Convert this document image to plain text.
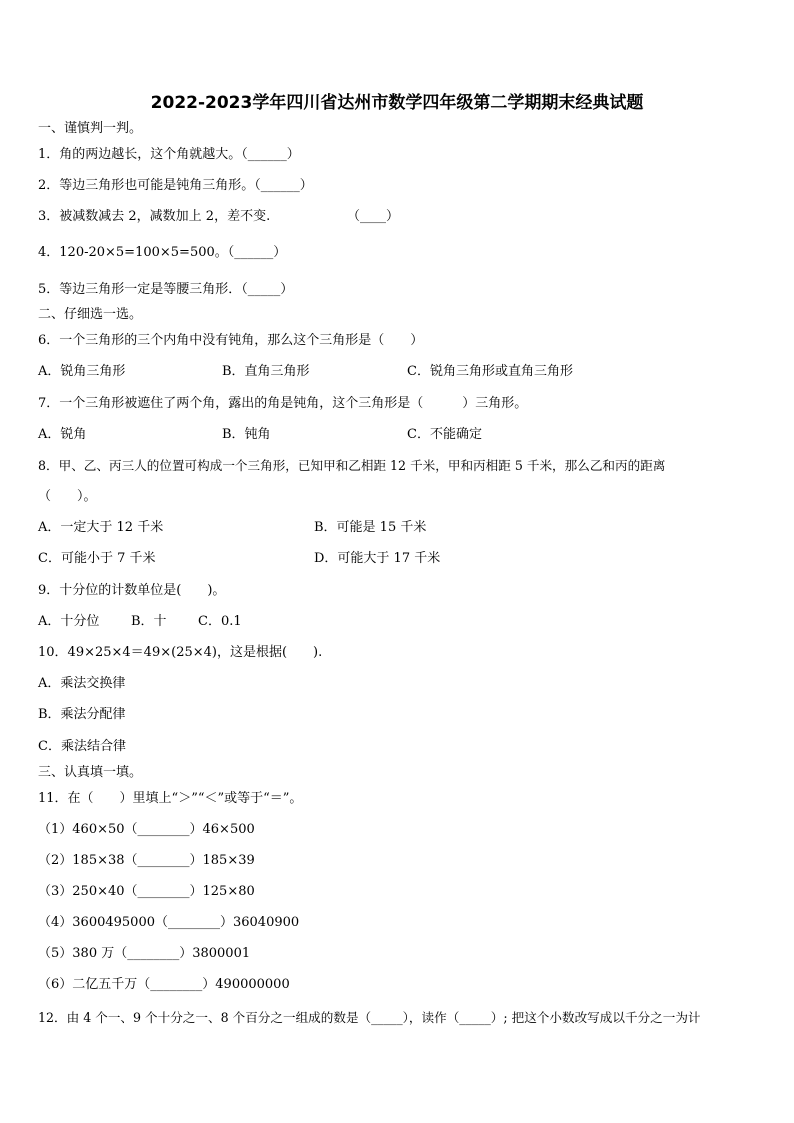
2022-2023学年四川省达州市数学四年级第二学期期末经典试题
一、谨慎判一判。
1．角的两边越长，这个角就越大。（______）
2．等边三角形也可能是钝角三角形。（______）
3．被减数减去 2，减数加上 2，差不变.	（____）
4．120-20×5=100×5=500。（______）
5．等边三角形一定是等腰三角形．（_____）
二、仔细选一选。
6．一个三角形的三个内角中没有钝角，那么这个三角形是（　　）
A．锐角三角形	B．直角三角形	C．锐角三角形或直角三角形
7．一个三角形被遮住了两个角，露出的角是钝角，这个三角形是（　　　）三角形。
A．锐角	B．钝角	C．不能确定
8．甲、乙、丙三人的位置可构成一个三角形，已知甲和乙相距 12 千米，甲和丙相距 5 千米，那么乙和丙的距离
（　　）。
A．一定大于 12 千米	B．可能是 15 千米
C．可能小于 7 千米	D．可能大于 17 千米
9．十分位的计数单位是(　　)。
A．十分位 B．十 C．0.1
10．49×25×4＝49×(25×4)，这是根据(　　).
A．乘法交换律
B．乘法分配律
C．乘法结合律
三、认真填一填。
11．在（　　）里填上“＞”“＜”或等于“＝”。
（1）460×50（________）46×500
（2）185×38（________）185×39
（3）250×40（________）125×80
（4）3600495000（________）36040900
（5）380 万（________）3800001
（6）二亿五千万（________）490000000
12．由 4 个一、9 个十分之一、8 个百分之一组成的数是（_____），读作（_____）; 把这个小数改写成以千分之一为计
